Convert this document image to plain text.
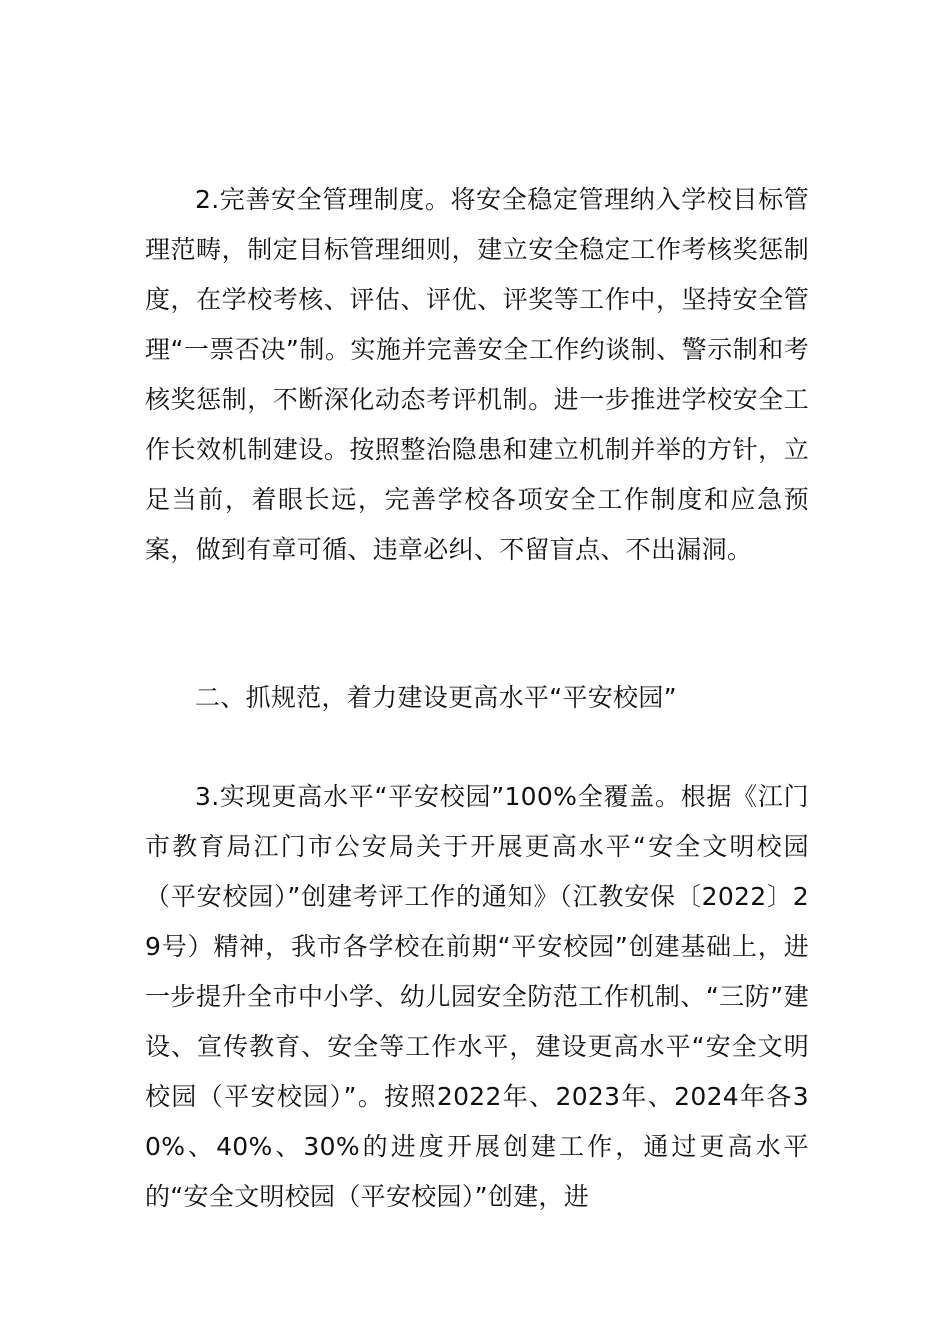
2.完善安全管理制度。将安全稳定管理纳入学校目标管理范畴，制定目标管理细则，建立安全稳定工作考核奖惩制度，在学校考核、评估、评优、评奖等工作中，坚持安全管理“一票否决”制。实施并完善安全工作约谈制、警示制和考核奖惩制，不断深化动态考评机制。进一步推进学校安全工作长效机制建设。按照整治隐患和建立机制并举的方针，立足当前，着眼长远，完善学校各项安全工作制度和应急预案，做到有章可循、违章必纠、不留盲点、不出漏洞。

二、抓规范，着力建设更高水平“平安校园”

3.实现更高水平“平安校园”100%全覆盖。根据《江门市教育局江门市公安局关于开展更高水平“安全文明校园（平安校园）”创建考评工作的通知》（江教安保〔2022〕29号）精神，我市各学校在前期“平安校园”创建基础上，进一步提升全市中小学、幼儿园安全防范工作机制、“三防”建设、宣传教育、安全等工作水平，建设更高水平“安全文明校园（平安校园）”。按照2022年、2023年、2024年各30%、40%、30%的进度开展创建工作，通过更高水平的“安全文明校园（平安校园）”创建，进
